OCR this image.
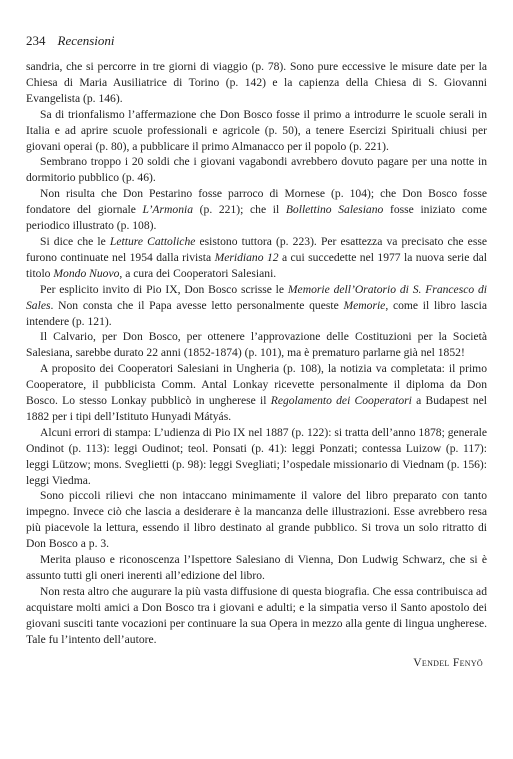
234 Recensioni

sandria, che si percorre in tre giorni di viaggio (p. 78). Sono pure eccessive le misure date per la Chiesa di Maria Ausiliatrice di Torino (p. 142) e la capienza della Chiesa di S. Giovanni Evangelista (p. 146).

Sa di trionfalismo l’affermazione che Don Bosco fosse il primo a introdurre le scuole serali in Italia e ad aprire scuole professionali e agricole (p. 50), a tenere Esercizi Spirituali chiusi per giovani operai (p. 80), a pubblicare il primo Almanacco per il popolo (p. 221).

Sembrano troppo i 20 soldi che i giovani vagabondi avrebbero dovuto pagare per una notte in dormitorio pubblico (p. 46).

Non risulta che Don Pestarino fosse parroco di Mornese (p. 104); che Don Bosco fosse fondatore del giornale L’Armonia (p. 221); che il Bollettino Salesiano fosse iniziato come periodico illustrato (p. 108).

Si dice che le Letture Cattoliche esistono tuttora (p. 223). Per esattezza va precisato che esse furono continuate nel 1954 dalla rivista Meridiano 12 a cui succedette nel 1977 la nuova serie dal titolo Mondo Nuovo, a cura dei Cooperatori Salesiani.

Per esplicito invito di Pio IX, Don Bosco scrisse le Memorie dell’Oratorio di S. Francesco di Sales. Non consta che il Papa avesse letto personalmente queste Memorie, come il libro lascia intendere (p. 121).

Il Calvario, per Don Bosco, per ottenere l’approvazione delle Costituzioni per la Società Salesiana, sarebbe durato 22 anni (1852-1874) (p. 101), ma è prematuro parlarne già nel 1852!

A proposito dei Cooperatori Salesiani in Ungheria (p. 108), la notizia va completata: il primo Cooperatore, il pubblicista Comm. Antal Lonkay ricevette personalmente il diploma da Don Bosco. Lo stesso Lonkay pubblicò in ungherese il Regolamento dei Cooperatori a Budapest nel 1882 per i tipi dell’Istituto Hunyadi Mátyás.

Alcuni errori di stampa: L’udienza di Pio IX nel 1887 (p. 122): si tratta dell’anno 1878; generale Ondinot (p. 113): leggi Oudinot; teol. Ponsati (p. 41): leggi Ponzati; contessa Luizow (p. 117): leggi Lützow; mons. Sveglietti (p. 98): leggi Svegliati; l’ospedale missionario di Viednam (p. 156): leggi Viedma.

Sono piccoli rilievi che non intaccano minimamente il valore del libro preparato con tanto impegno. Invece ciò che lascia a desiderare è la mancanza delle illustrazioni. Esse avrebbero resa più piacevole la lettura, essendo il libro destinato al grande pubblico. Si trova un solo ritratto di Don Bosco a p. 3.

Merita plauso e riconoscenza l’Ispettore Salesiano di Vienna, Don Ludwig Schwarz, che si è assunto tutti gli oneri inerenti all’edizione del libro.

Non resta altro che augurare la più vasta diffusione di questa biografia. Che essa contribuisca ad acquistare molti amici a Don Bosco tra i giovani e adulti; e la simpatia verso il Santo apostolo dei giovani susciti tante vocazioni per continuare la sua Opera in mezzo alla gente di lingua ungherese. Tale fu l’intento dell’autore.

Vendel Fenyö
